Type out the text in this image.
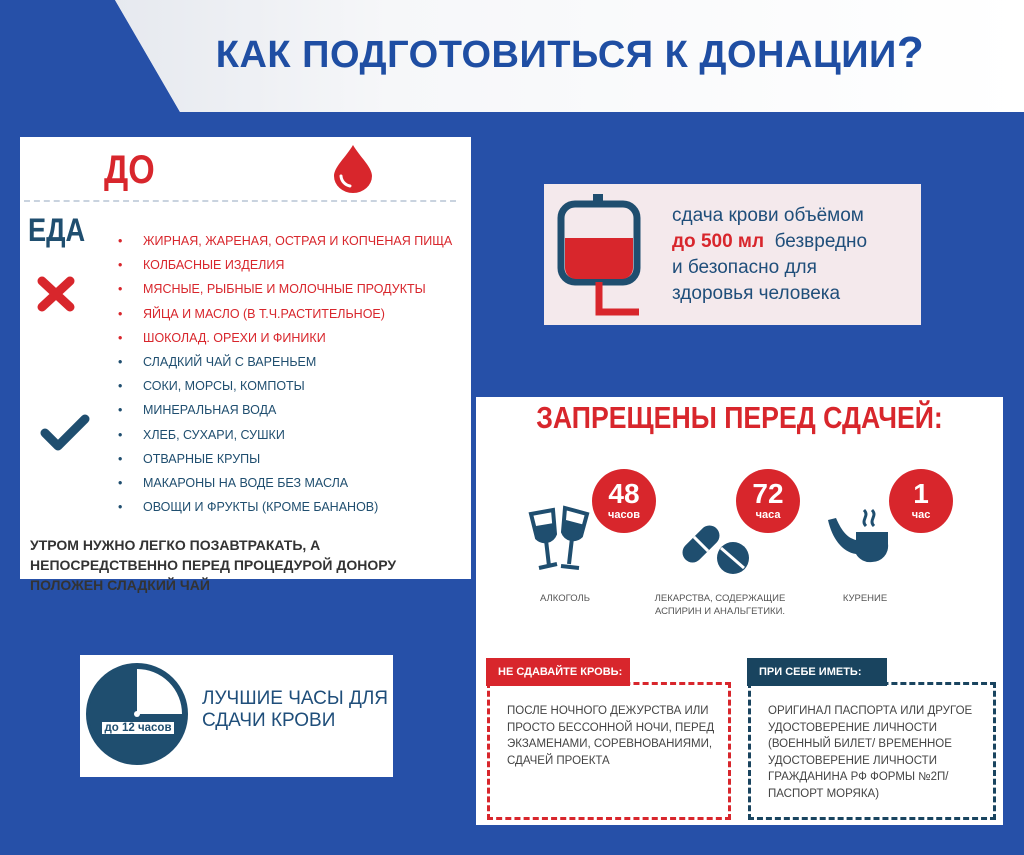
КАК ПОДГОТОВИТЬСЯ К ДОНАЦИИ?
ДО
ЕДА
•	ЖИРНАЯ, ЖАРЕНАЯ, ОСТРАЯ И КОПЧЕНАЯ ПИЩА
• КОЛБАСНЫЕ ИЗДЕЛИЯ
• МЯСНЫЕ, РЫБНЫЕ И МОЛОЧНЫЕ ПРОДУКТЫ
• ЯЙЦА И МАСЛО (В Т.Ч.РАСТИТЕЛЬНОЕ)
• ШОКОЛАД. ОРЕХИ И ФИНИКИ
• СЛАДКИЙ ЧАЙ С ВАРЕНЬЕМ
• СОКИ, МОРСЫ, КОМПОТЫ
• МИНЕРАЛЬНАЯ ВОДА
• ХЛЕБ, СУХАРИ, СУШКИ
• ОТВАРНЫЕ КРУПЫ
• МАКАРОНЫ НА ВОДЕ БЕЗ МАСЛА
• ОВОЩИ И ФРУКТЫ (КРОМЕ БАНАНОВ)
УТРОМ НУЖНО ЛЕГКО ПОЗАВТРАКАТЬ, А НЕПОСРЕДСТВЕННО ПЕРЕД ПРОЦЕДУРОЙ ДОНОРУ ПОЛОЖЕН СЛАДКИЙ ЧАЙ
сдача крови объёмом
до 500 мл безвредно
и безопасно для
здоровья человека
ЗАПРЕЩЕНЫ ПЕРЕД СДАЧЕЙ:
48
часов
АЛКОГОЛЬ
72
часа
ЛЕКАРСТВА, СОДЕРЖАЩИЕ
АСПИРИН И АНАЛЬГЕТИКИ.
1
час
КУРЕНИЕ
НЕ СДАВАЙТЕ КРОВЬ:
ПОСЛЕ НОЧНОГО ДЕЖУРСТВА ИЛИ ПРОСТО БЕССОННОЙ НОЧИ, ПЕРЕД ЭКЗАМЕНАМИ, СОРЕВНОВАНИЯМИ, СДАЧЕЙ ПРОЕКТА
ПРИ СЕБЕ ИМЕТЬ:
ОРИГИНАЛ ПАСПОРТА ИЛИ ДРУГОЕ УДОСТОВЕРЕНИЕ ЛИЧНОСТИ (ВОЕННЫЙ БИЛЕТ/ ВРЕМЕННОЕ УДОСТОВЕРЕНИЕ ЛИЧНОСТИ ГРАЖДАНИНА РФ ФОРМЫ №2П/ПАСПОРТ МОРЯКА)
до 12 часов
ЛУЧШИЕ ЧАСЫ ДЛЯ
СДАЧИ КРОВИ
